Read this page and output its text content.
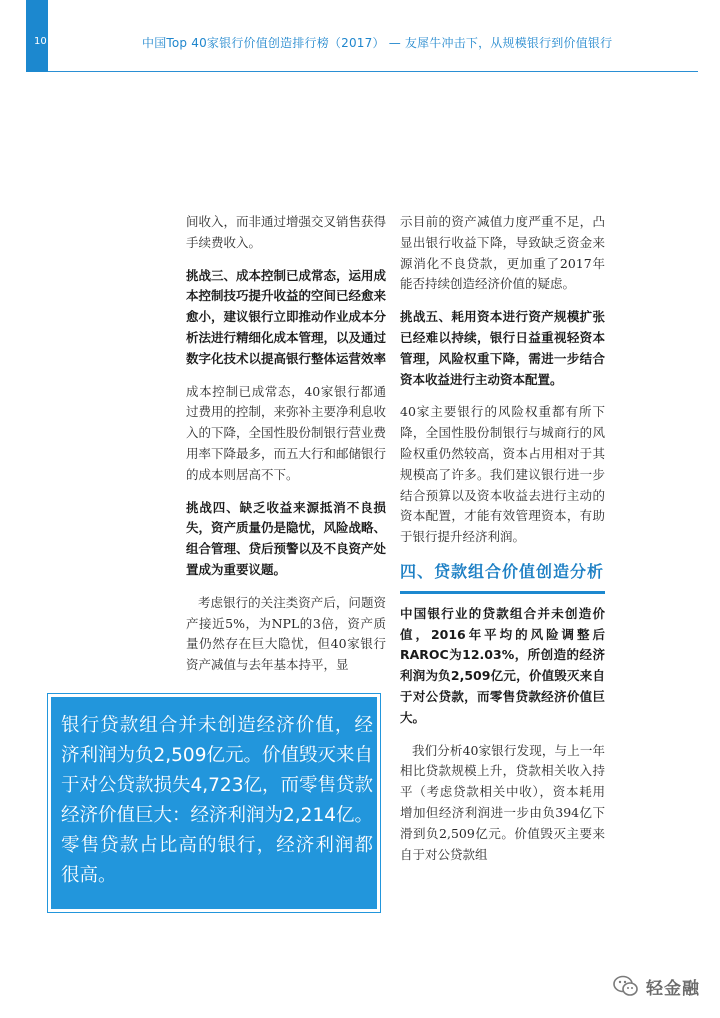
10	中国Top 40家银行价值创造排行榜（2017） — 友犀牛冲击下，从规模银行到价值银行

间收入，而非通过增强交叉销售获得手续费收入。

挑战三、成本控制已成常态，运用成本控制技巧提升收益的空间已经愈来愈小，建议银行立即推动作业成本分析法进行精细化成本管理，以及通过数字化技术以提高银行整体运营效率

成本控制已成常态，40家银行都通过费用的控制，来弥补主要净利息收入的下降，全国性股份制银行营业费用率下降最多，而五大行和邮储银行的成本则居高不下。

挑战四、缺乏收益来源抵消不良损失，资产质量仍是隐忧，风险战略、组合管理、贷后预警以及不良资产处置成为重要议题。

考虑银行的关注类资产后，问题资产接近5%，为NPL的3倍，资产质量仍然存在巨大隐忧，但40家银行资产减值与去年基本持平，显

示目前的资产减值力度严重不足，凸显出银行收益下降，导致缺乏资金来源消化不良贷款，更加重了2017年能否持续创造经济价值的疑虑。

挑战五、耗用资本进行资产规模扩张已经难以持续，银行日益重视轻资本管理，风险权重下降，需进一步结合资本收益进行主动资本配置。

40家主要银行的风险权重都有所下降，全国性股份制银行与城商行的风险权重仍然较高，资本占用相对于其规模高了许多。我们建议银行进一步结合预算以及资本收益去进行主动的资本配置，才能有效管理资本，有助于银行提升经济利润。

四、贷款组合价值创造分析

中国银行业的贷款组合并未创造价值，2016年平均的风险调整后RAROC为12.03%，所创造的经济利润为负2,509亿元，价值毁灭来自于对公贷款，而零售贷款经济价值巨大。

我们分析40家银行发现，与上一年相比贷款规模上升，贷款相关收入持平（考虑贷款相关中收），资本耗用增加但经济利润进一步由负394亿下滑到负2,509亿元。价值毁灭主要来自于对公贷款组

银行贷款组合并未创造经济价值，经济利润为负2,509亿元。价值毁灭来自于对公贷款损失4,723亿，而零售贷款经济价值巨大：经济利润为2,214亿。零售贷款占比高的银行，经济利润都很高。
轻金融
